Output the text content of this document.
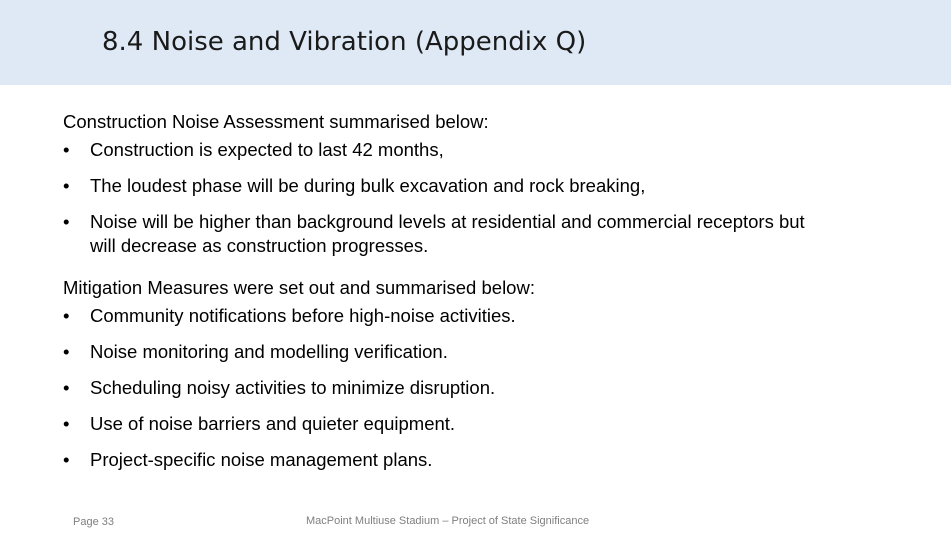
8.4 Noise and Vibration (Appendix Q)

Construction Noise Assessment summarised below:

• Construction is expected to last 42 months,
• The loudest phase will be during bulk excavation and rock breaking,
• Noise will be higher than background levels at residential and commercial receptors but will decrease as construction progresses.

Mitigation Measures were set out and summarised below:

• Community notifications before high-noise activities.
• Noise monitoring and modelling verification.
• Scheduling noisy activities to minimize disruption.
• Use of noise barriers and quieter equipment.
• Project-specific noise management plans.
Page 33	MacPoint Multiuse Stadium – Project of State Significance
